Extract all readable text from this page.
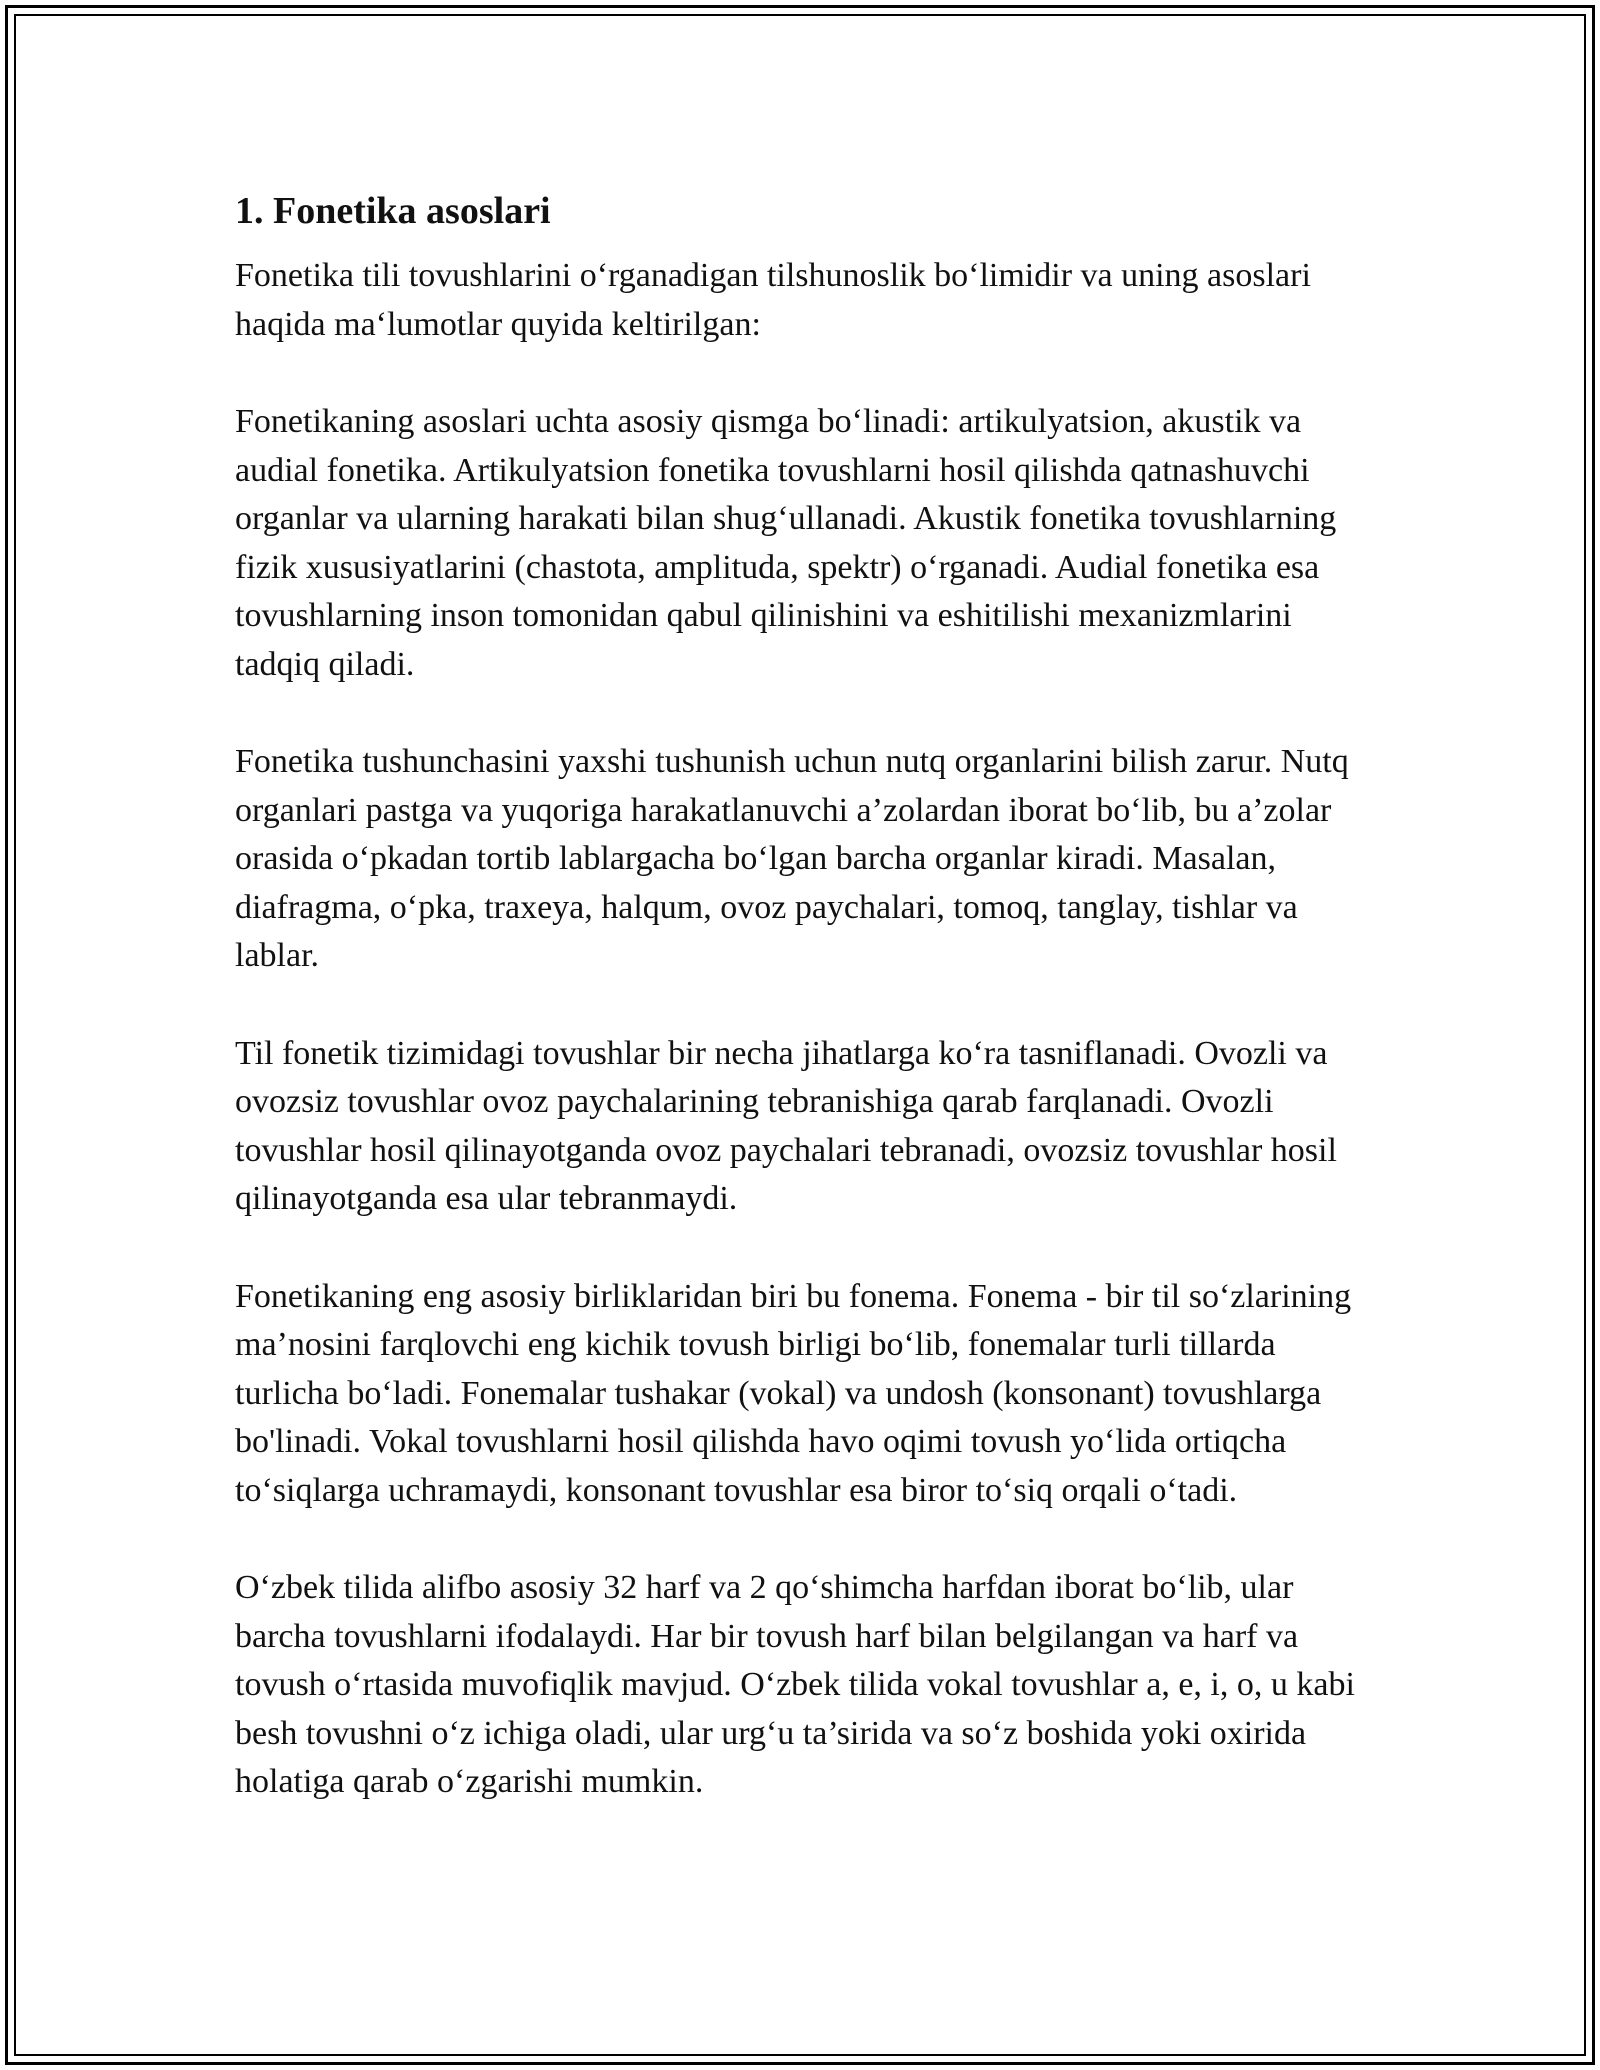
1. Fonetika asoslari

Fonetika tili tovushlarini o‘rganadigan tilshunoslik bo‘limidir va uning asoslari haqida ma‘lumotlar quyida keltirilgan:

Fonetikaning asoslari uchta asosiy qismga bo‘linadi: artikulyatsion, akustik va audial fonetika. Artikulyatsion fonetika tovushlarni hosil qilishda qatnashuvchi organlar va ularning harakati bilan shug‘ullanadi. Akustik fonetika tovushlarning fizik xususiyatlarini (chastota, amplituda, spektr) o‘rganadi. Audial fonetika esa tovushlarning inson tomonidan qabul qilinishini va eshitilishi mexanizmlarini tadqiq qiladi.

Fonetika tushunchasini yaxshi tushunish uchun nutq organlarini bilish zarur. Nutq organlari pastga va yuqoriga harakatlanuvchi a’zolardan iborat bo‘lib, bu a’zolar orasida o‘pkadan tortib lablargacha bo‘lgan barcha organlar kiradi. Masalan, diafragma, o‘pka, traxeya, halqum, ovoz paychalari, tomoq, tanglay, tishlar va lablar.

Til fonetik tizimidagi tovushlar bir necha jihatlarga ko‘ra tasniflanadi. Ovozli va ovozsiz tovushlar ovoz paychalarining tebranishiga qarab farqlanadi. Ovozli tovushlar hosil qilinayotganda ovoz paychalari tebranadi, ovozsiz tovushlar hosil qilinayotganda esa ular tebranmaydi.

Fonetikaning eng asosiy birliklaridan biri bu fonema. Fonema - bir til so‘zlarining ma’nosini farqlovchi eng kichik tovush birligi bo‘lib, fonemalar turli tillarda turlicha bo‘ladi. Fonemalar tushakar (vokal) va undosh (konsonant) tovushlarga bo'linadi. Vokal tovushlarni hosil qilishda havo oqimi tovush yo‘lida ortiqcha to‘siqlarga uchramaydi, konsonant tovushlar esa biror to‘siq orqali o‘tadi.

O‘zbek tilida alifbo asosiy 32 harf va 2 qo‘shimcha harfdan iborat bo‘lib, ular barcha tovushlarni ifodalaydi. Har bir tovush harf bilan belgilangan va harf va tovush o‘rtasida muvofiqlik mavjud. O‘zbek tilida vokal tovushlar a, e, i, o, u kabi besh tovushni o‘z ichiga oladi, ular urg‘u ta’sirida va so‘z boshida yoki oxirida holatiga qarab o‘zgarishi mumkin.
